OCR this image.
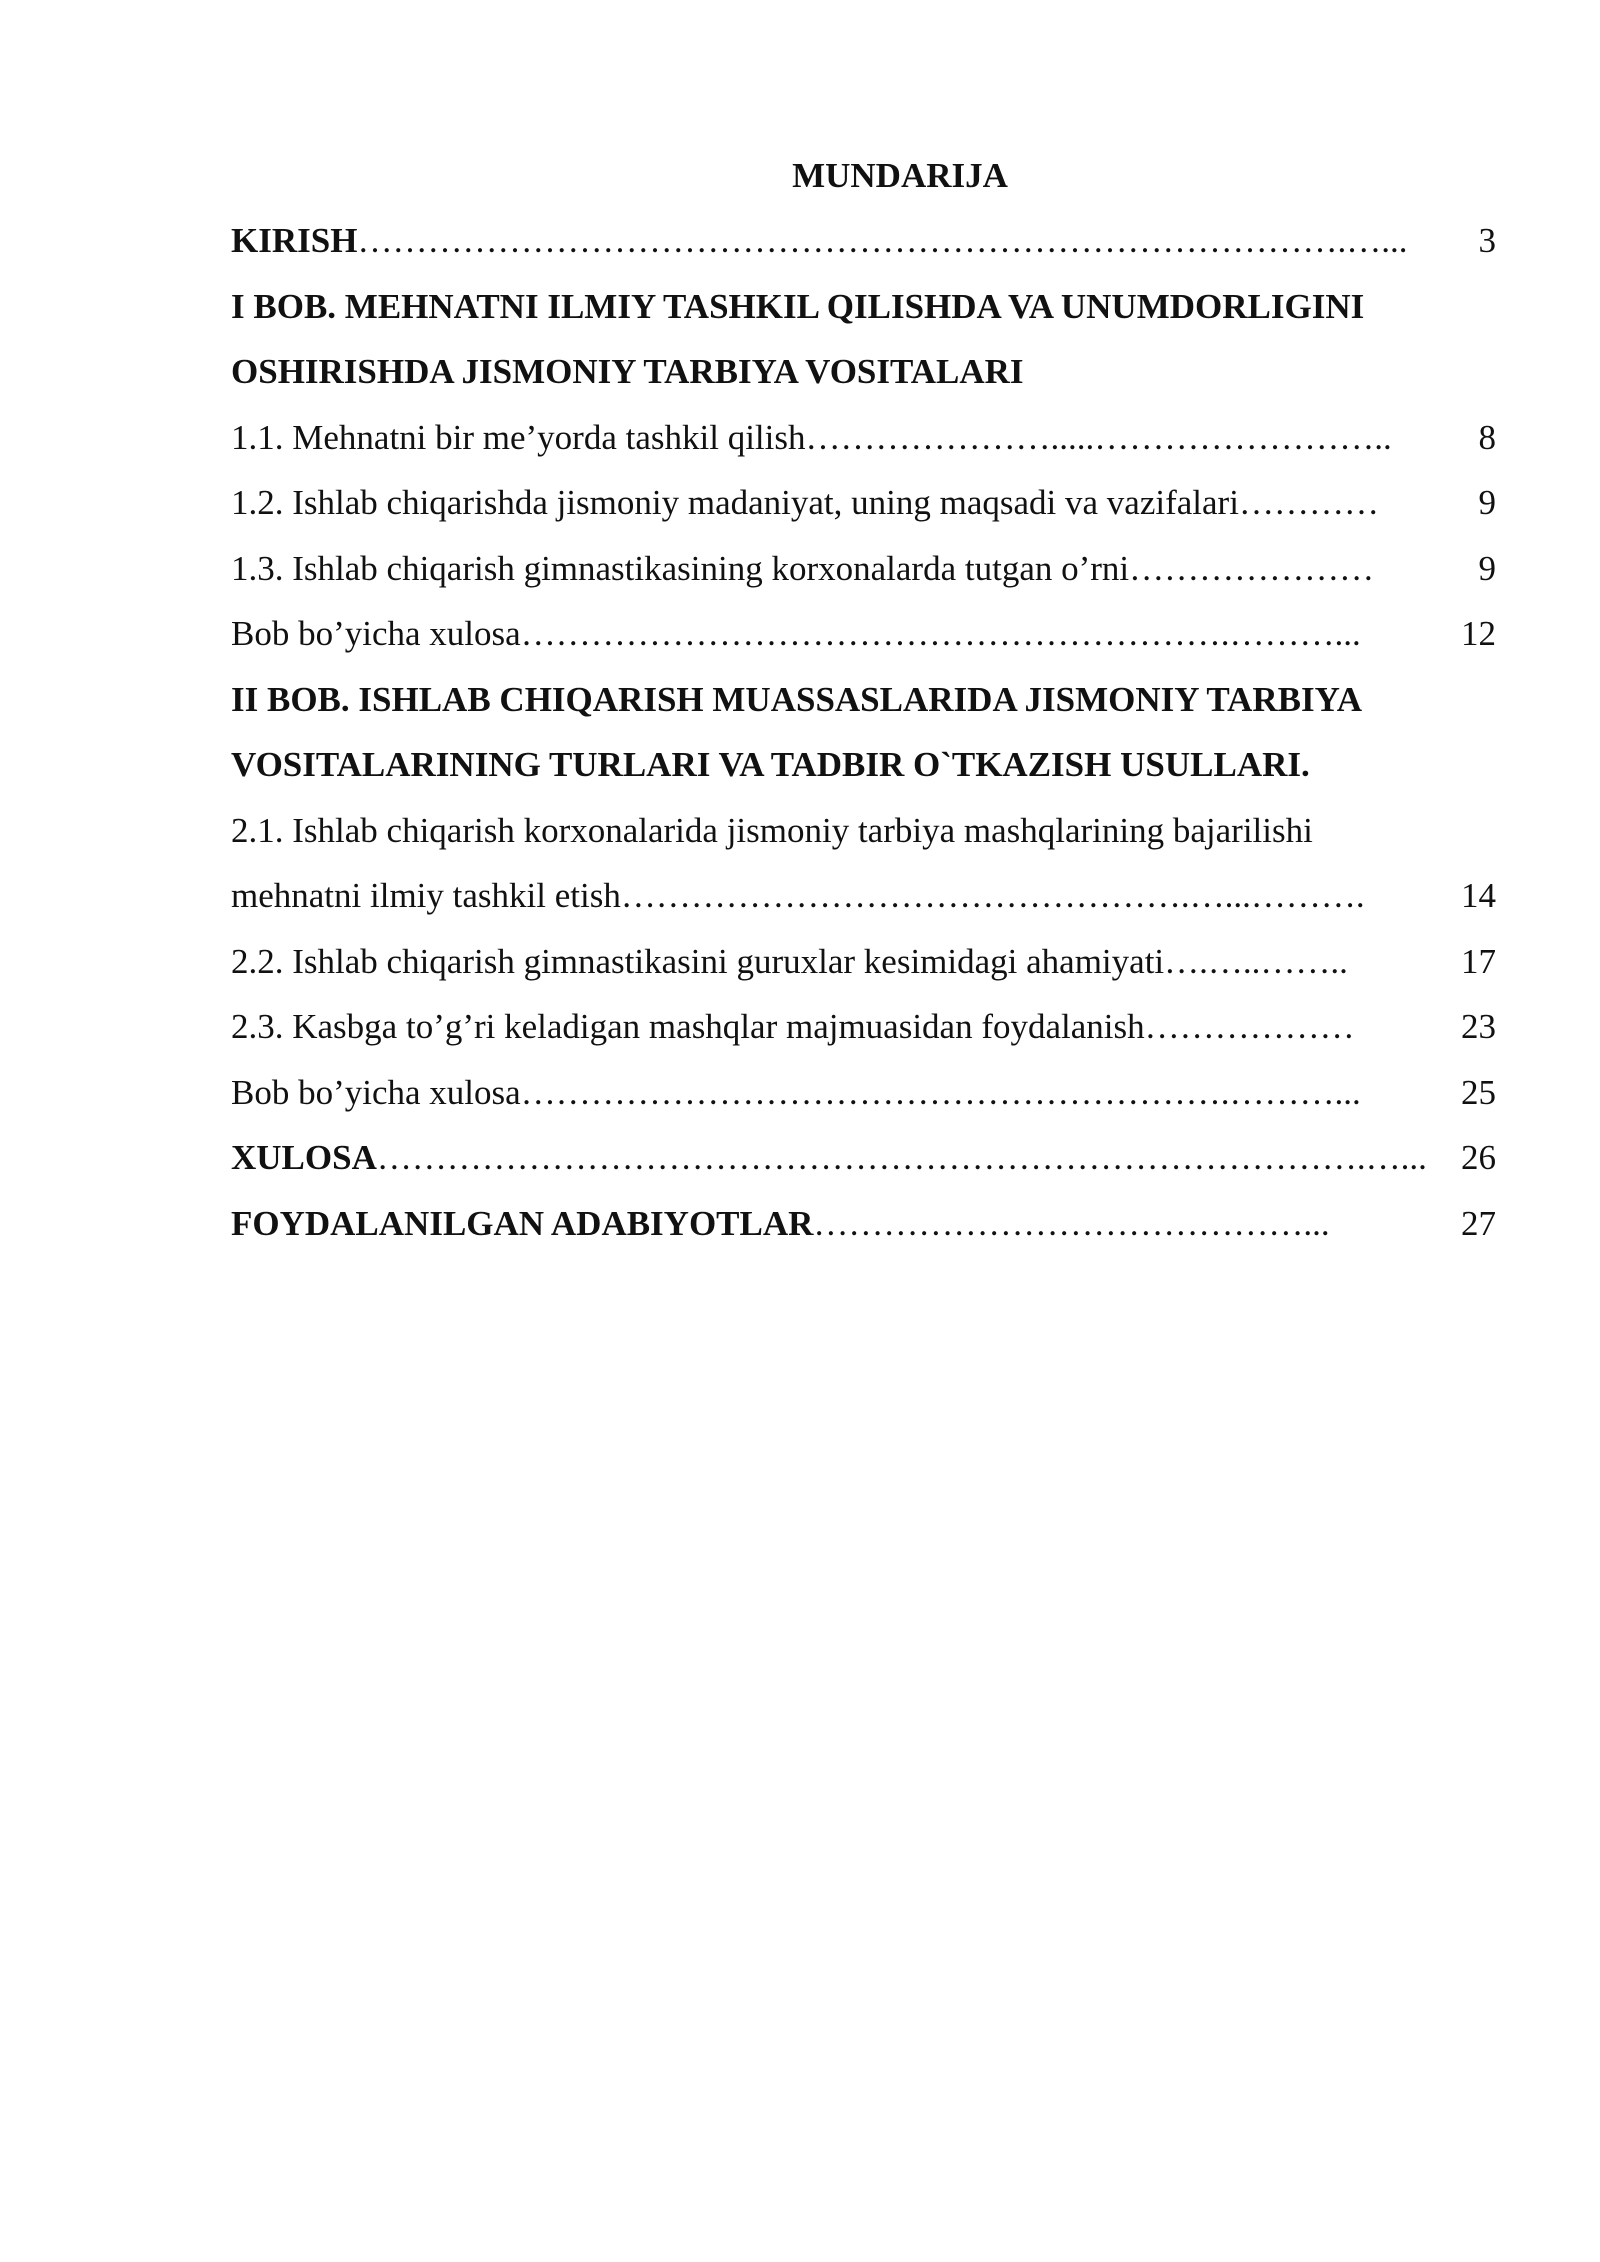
MUNDARIJA
KIRISH ………………………………………………………………………….…...	3
I BOB. MEHNATNI ILMIY TASHKIL QILISHDA VA UNUMDORLIGINI
OSHIRISHDA JISMONIY TARBIYA VOSITALARI
1.1. Mehnatni bir me’yorda tashkil qilish ………………….....……………………..	8
1.2. Ishlab chiqarishda jismoniy madaniyat, uning maqsadi va vazifalari …………	9
1.3. Ishlab chiqarish gimnastikasining korxonalarda tutgan o’rni …………………	9
Bob bo’yicha xulosa …………………………………………………….………...	12
II BOB. ISHLAB CHIQARISH MUASSASLARIDA JISMONIY TARBIYA
VOSITALARINING TURLARI VA TADBIR O`TKAZISH USULLARI.
2.1. Ishlab chiqarish korxonalarida jismoniy tarbiya mashqlarining bajarilishi
mehnatni ilmiy tashkil etish ………………………………………….…...……….	14
2.2. Ishlab chiqarish gimnastikasini guruxlar kesimidagi ahamiyati ….…..……..	17
2.3. Kasbga to’g’ri keladigan mashqlar majmuasidan foydalanish ………………	23
Bob bo’yicha xulosa …………………………………………………….………...	25
XULOSA ………………………………………………………………………….…... 26
FOYDALANILGAN ADABIYOTLAR ……………………………………...	27
